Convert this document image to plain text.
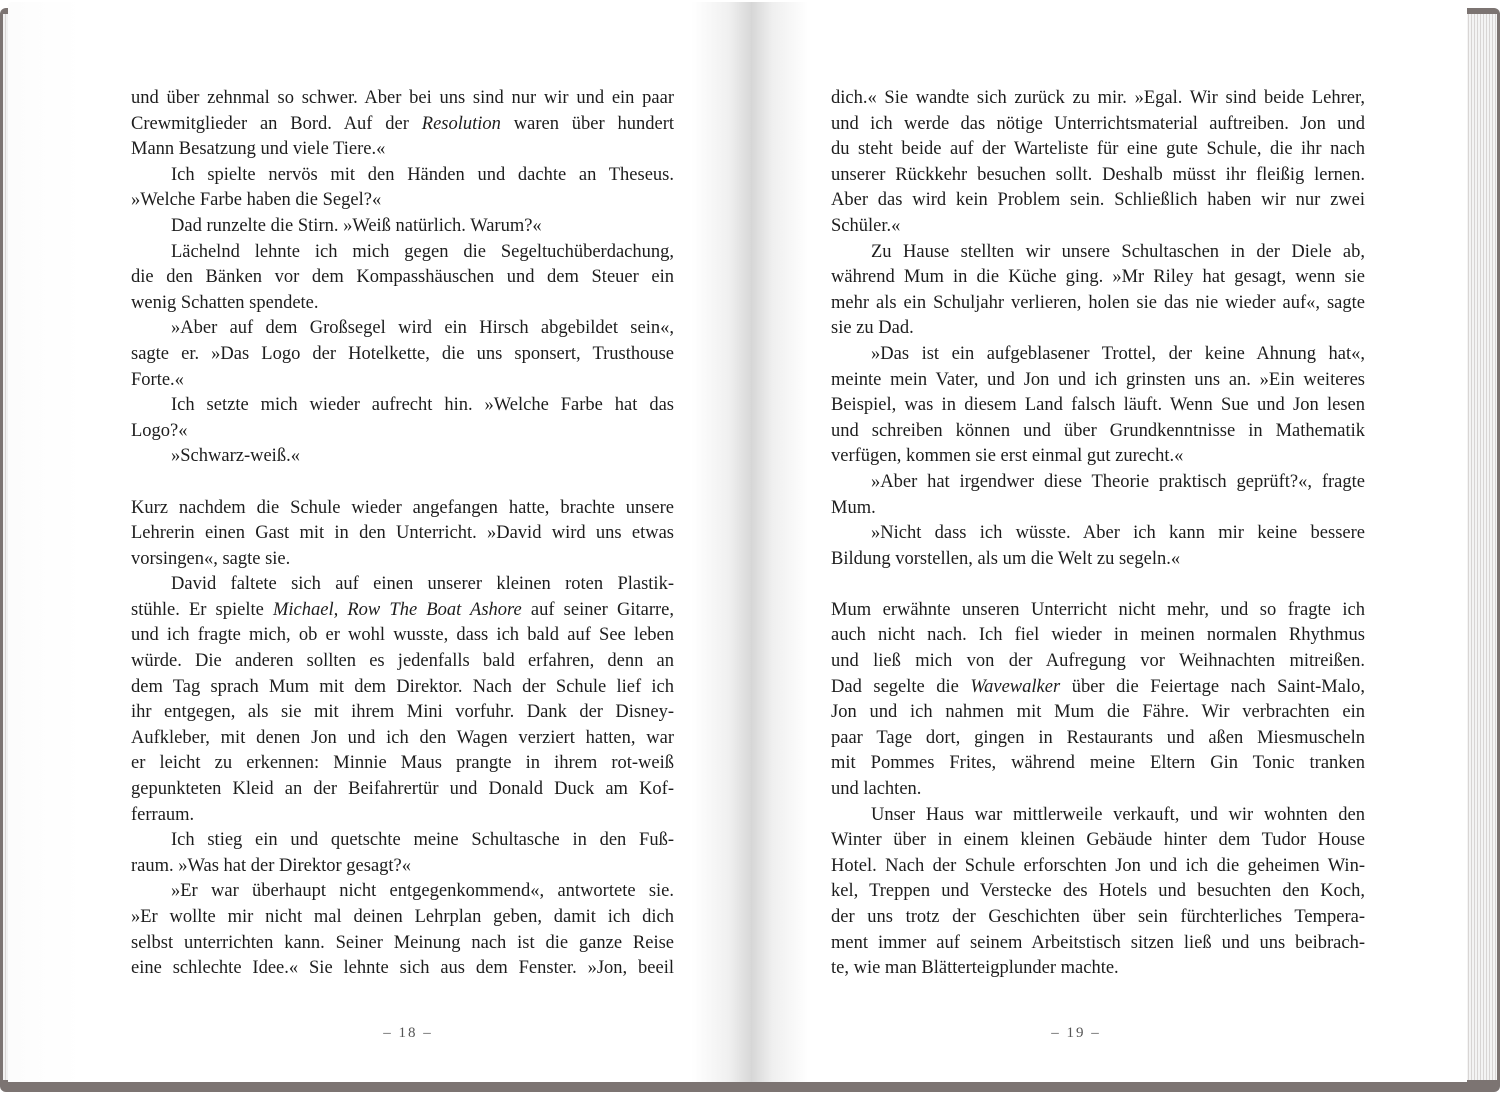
und über zehnmal so schwer. Aber bei uns sind nur wir und ein paar Crewmitglieder an Bord. Auf der Resolution waren über hundert

Mann Besatzung und viele Tiere.«

Ich spielte nervös mit den Händen und dachte an Theseus.

»Welche Farbe haben die Segel?«

Dad runzelte die Stirn. »Weiß natürlich. Warum?«

Lächelnd lehnte ich mich gegen die Segeltuchüberdachung,

die den Bänken vor dem Kompasshäuschen und dem Steuer ein

wenig Schatten spendete.

»Aber auf dem Großsegel wird ein Hirsch abgebildet sein«,

sagte er. »Das Logo der Hotelkette, die uns sponsert, Trusthouse

Forte.«

Ich setzte mich wieder aufrecht hin. »Welche Farbe hat das

Logo?«

»Schwarz-weiß.«

Kurz nachdem die Schule wieder angefangen hatte, brachte unsere

Lehrerin einen Gast mit in den Unterricht. »David wird uns etwas

vorsingen«, sagte sie.

David faltete sich auf einen unserer kleinen roten Plastik-

stühle. Er spielte Michael, Row The Boat Ashore auf seiner Gitarre,

und ich fragte mich, ob er wohl wusste, dass ich bald auf See leben

würde. Die anderen sollten es jedenfalls bald erfahren, denn an

dem Tag sprach Mum mit dem Direktor. Nach der Schule lief ich

ihr entgegen, als sie mit ihrem Mini vorfuhr. Dank der Disney-

Aufkleber, mit denen Jon und ich den Wagen verziert hatten, war

er leicht zu erkennen: Minnie Maus prangte in ihrem rot-weiß

gepunkteten Kleid an der Beifahrertür und Donald Duck am Kof-

ferraum.

Ich stieg ein und quetschte meine Schultasche in den Fuß-

raum. »Was hat der Direktor gesagt?«

»Er war überhaupt nicht entgegenkommend«, antwortete sie.

»Er wollte mir nicht mal deinen Lehrplan geben, damit ich dich

selbst unterrichten kann. Seiner Meinung nach ist die ganze Reise

eine schlechte Idee.« Sie lehnte sich aus dem Fenster. »Jon, beeil

– 18 –

dich.« Sie wandte sich zurück zu mir. »Egal. Wir sind beide Lehrer,

und ich werde das nötige Unterrichtsmaterial auftreiben. Jon und

du steht beide auf der Warteliste für eine gute Schule, die ihr nach

unserer Rückkehr besuchen sollt. Deshalb müsst ihr fleißig lernen.

Aber das wird kein Problem sein. Schließlich haben wir nur zwei

Schüler.«

Zu Hause stellten wir unsere Schultaschen in der Diele ab,

während Mum in die Küche ging. »Mr Riley hat gesagt, wenn sie

mehr als ein Schuljahr verlieren, holen sie das nie wieder auf«, sagte

sie zu Dad.

»Das ist ein aufgeblasener Trottel, der keine Ahnung hat«,

meinte mein Vater, und Jon und ich grinsten uns an. »Ein weiteres

Beispiel, was in diesem Land falsch läuft. Wenn Sue und Jon lesen

und schreiben können und über Grundkenntnisse in Mathematik

verfügen, kommen sie erst einmal gut zurecht.«

»Aber hat irgendwer diese Theorie praktisch geprüft?«, fragte

Mum.

»Nicht dass ich wüsste. Aber ich kann mir keine bessere

Bildung vorstellen, als um die Welt zu segeln.«

Mum erwähnte unseren Unterricht nicht mehr, und so fragte ich

auch nicht nach. Ich fiel wieder in meinen normalen Rhythmus

und ließ mich von der Aufregung vor Weihnachten mitreißen.

Dad segelte die Wavewalker über die Feiertage nach Saint-Malo,

Jon und ich nahmen mit Mum die Fähre. Wir verbrachten ein

paar Tage dort, gingen in Restaurants und aßen Miesmuscheln

mit Pommes Frites, während meine Eltern Gin Tonic tranken

und lachten.

Unser Haus war mittlerweile verkauft, und wir wohnten den

Winter über in einem kleinen Gebäude hinter dem Tudor House

Hotel. Nach der Schule erforschten Jon und ich die geheimen Win-

kel, Treppen und Verstecke des Hotels und besuchten den Koch,

der uns trotz der Geschichten über sein fürchterliches Tempera-

ment immer auf seinem Arbeitstisch sitzen ließ und uns beibrach-

te, wie man Blätterteigplunder machte.

– 19 –
